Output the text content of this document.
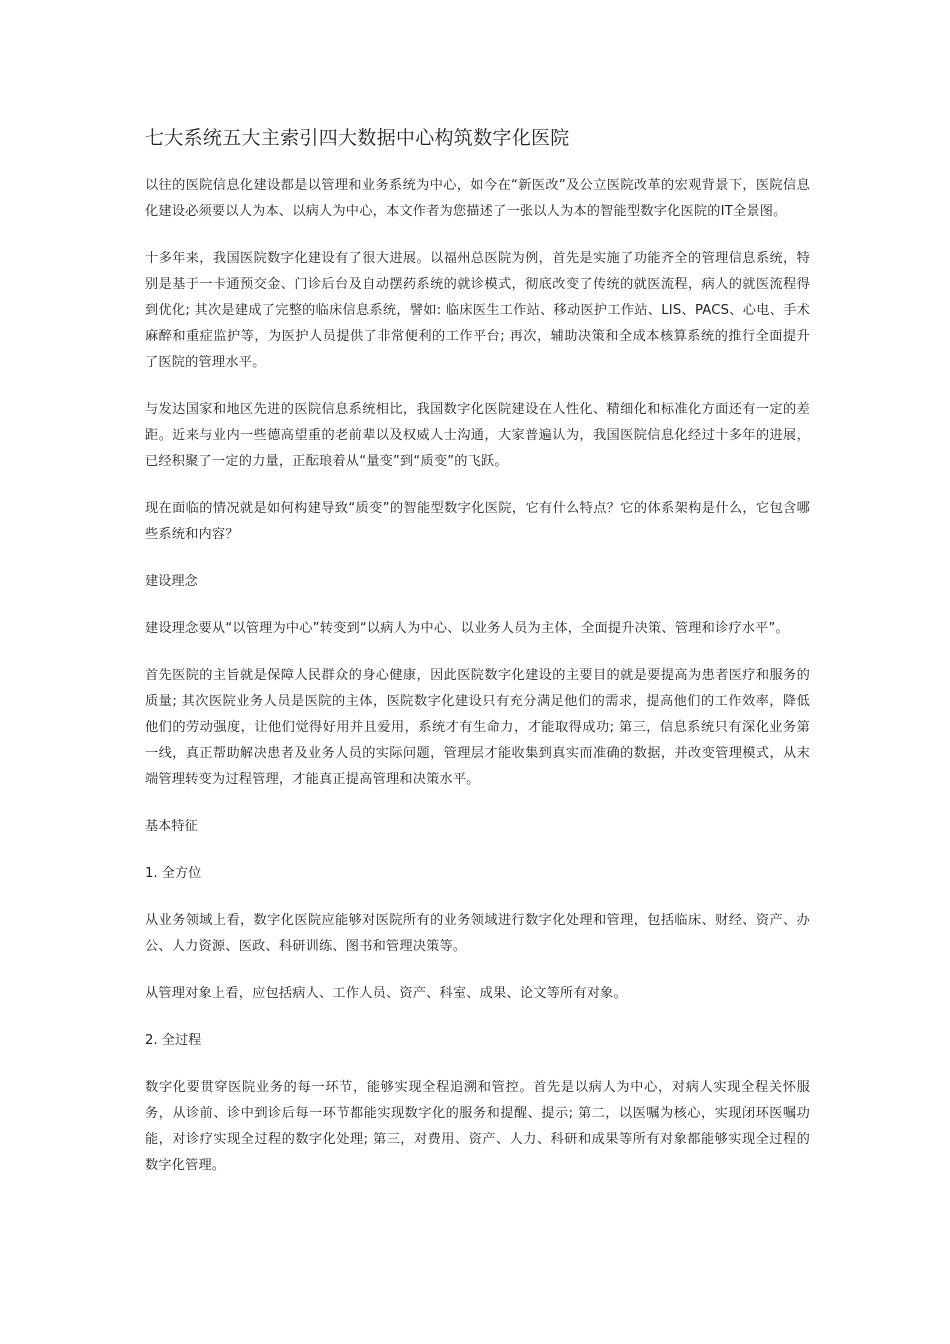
七大系统五大主索引四大数据中心构筑数字化医院

以往的医院信息化建设都是以管理和业务系统为中心，如今在“新医改”及公立医院改革的宏观背景下，医院信息化建设必须要以人为本、以病人为中心，本文作者为您描述了一张以人为本的智能型数字化医院的IT全景图。

十多年来，我国医院数字化建设有了很大进展。以福州总医院为例，首先是实施了功能齐全的管理信息系统，特别是基于一卡通预交金、门诊后台及自动摆药系统的就诊模式，彻底改变了传统的就医流程，病人的就医流程得到优化; 其次是建成了完整的临床信息系统，譬如: 临床医生工作站、移动医护工作站、LIS、PACS、心电、手术麻醉和重症监护等，为医护人员提供了非常便利的工作平台; 再次，辅助决策和全成本核算系统的推行全面提升了医院的管理水平。

与发达国家和地区先进的医院信息系统相比，我国数字化医院建设在人性化、精细化和标准化方面还有一定的差距。近来与业内一些德高望重的老前辈以及权威人士沟通，大家普遍认为，我国医院信息化经过十多年的进展，已经积聚了一定的力量，正酝琅着从“量变”到“质变”的飞跃。

现在面临的情况就是如何构建导致“质变”的智能型数字化医院，它有什么特点？它的体系架构是什么，它包含哪些系统和内容？

建设理念

建设理念要从“以管理为中心”转变到“以病人为中心、以业务人员为主体，全面提升决策、管理和诊疗水平”。

首先医院的主旨就是保障人民群众的身心健康，因此医院数字化建设的主要目的就是要提高为患者医疗和服务的质量; 其次医院业务人员是医院的主体，医院数字化建设只有充分满足他们的需求，提高他们的工作效率，降低他们的劳动强度，让他们觉得好用并且爱用，系统才有生命力，才能取得成功; 第三，信息系统只有深化业务第一线，真正帮助解决患者及业务人员的实际问题，管理层才能收集到真实而准确的数据，并改变管理模式，从末端管理转变为过程管理，才能真正提高管理和决策水平。

基本特征
1. 全方位

从业务领域上看，数字化医院应能够对医院所有的业务领域进行数字化处理和管理，包括临床、财经、资产、办公、人力资源、医政、科研训练、图书和管理决策等。

从管理对象上看，应包括病人、工作人员、资产、科室、成果、论文等所有对象。

2. 全过程

数字化要贯穿医院业务的每一环节，能够实现全程追溯和管控。首先是以病人为中心，对病人实现全程关怀服务，从诊前、诊中到诊后每一环节都能实现数字化的服务和提醒、提示; 第二，以医嘱为核心，实现闭环医嘱功能，对诊疗实现全过程的数字化处理; 第三，对费用、资产、人力、科研和成果等所有对象都能够实现全过程的数字化管理。
